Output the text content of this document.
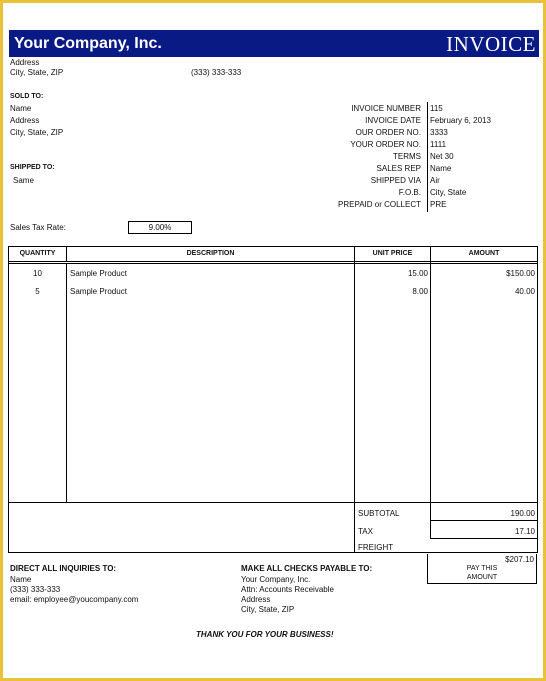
Your Company, Inc.	INVOICE
Address
City, State, ZIP	(333) 333-333
SOLD TO:
Name
Address
City, State, ZIP
SHIPPED TO:
Same
INVOICE NUMBER 115
INVOICE DATE February 6, 2013
OUR ORDER NO. 3333
YOUR ORDER NO. 1111
TERMS Net 30
SALES REP Name
SHIPPED VIA Air
F.O.B. City, State
PREPAID or COLLECT PRE
Sales Tax Rate:	9.00%
QUANTITY	DESCRIPTION	UNIT PRICE	AMOUNT
10	Sample Product	15.00	$150.00
5	Sample Product	8.00	40.00
SUBTOTAL	190.00
TAX	17.10
FREIGHT
$207.10
PAY THIS
AMOUNT
DIRECT ALL INQUIRIES TO:
Name
(333) 333-333
email: employee@youcompany.com
MAKE ALL CHECKS PAYABLE TO:
Your Company, Inc.
Attn: Accounts Receivable
Address
City, State, ZIP
THANK YOU FOR YOUR BUSINESS!
